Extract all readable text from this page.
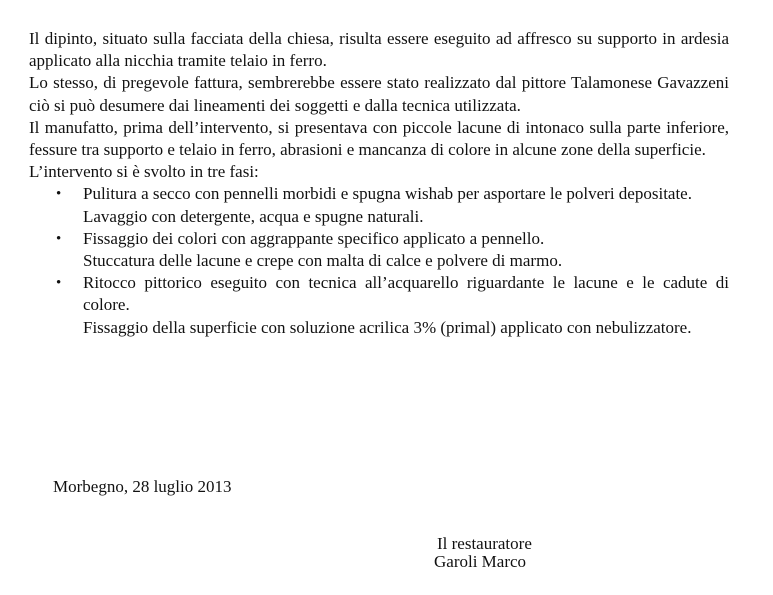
Il dipinto, situato sulla facciata della chiesa, risulta essere eseguito ad affresco su supporto in ardesia applicato alla nicchia tramite telaio in ferro.

Lo stesso, di pregevole fattura, sembrerebbe essere stato realizzato dal pittore Talamonese Gavazzeni ciò si può desumere dai lineamenti dei soggetti e dalla tecnica utilizzata.

Il manufatto, prima dell’intervento, si presentava con piccole lacune di intonaco sulla parte inferiore, fessure tra supporto e telaio in ferro, abrasioni e mancanza di colore in alcune zone della superficie.

L’intervento si è svolto in tre fasi:

• Pulitura a secco con pennelli morbidi e spugna wishab per asportare le polveri depositate.

Lavaggio con detergente, acqua e spugne naturali.

• Fissaggio dei colori con aggrappante specifico applicato a pennello.

Stuccatura delle lacune e crepe con malta di calce e polvere di marmo.

• Ritocco pittorico eseguito con tecnica all’acquarello riguardante le lacune e le cadute di colore.

Fissaggio della superficie con soluzione acrilica 3% (primal) applicato con nebulizzatore.

Morbegno, 28 luglio 2013

Il restauratore

Garoli Marco
